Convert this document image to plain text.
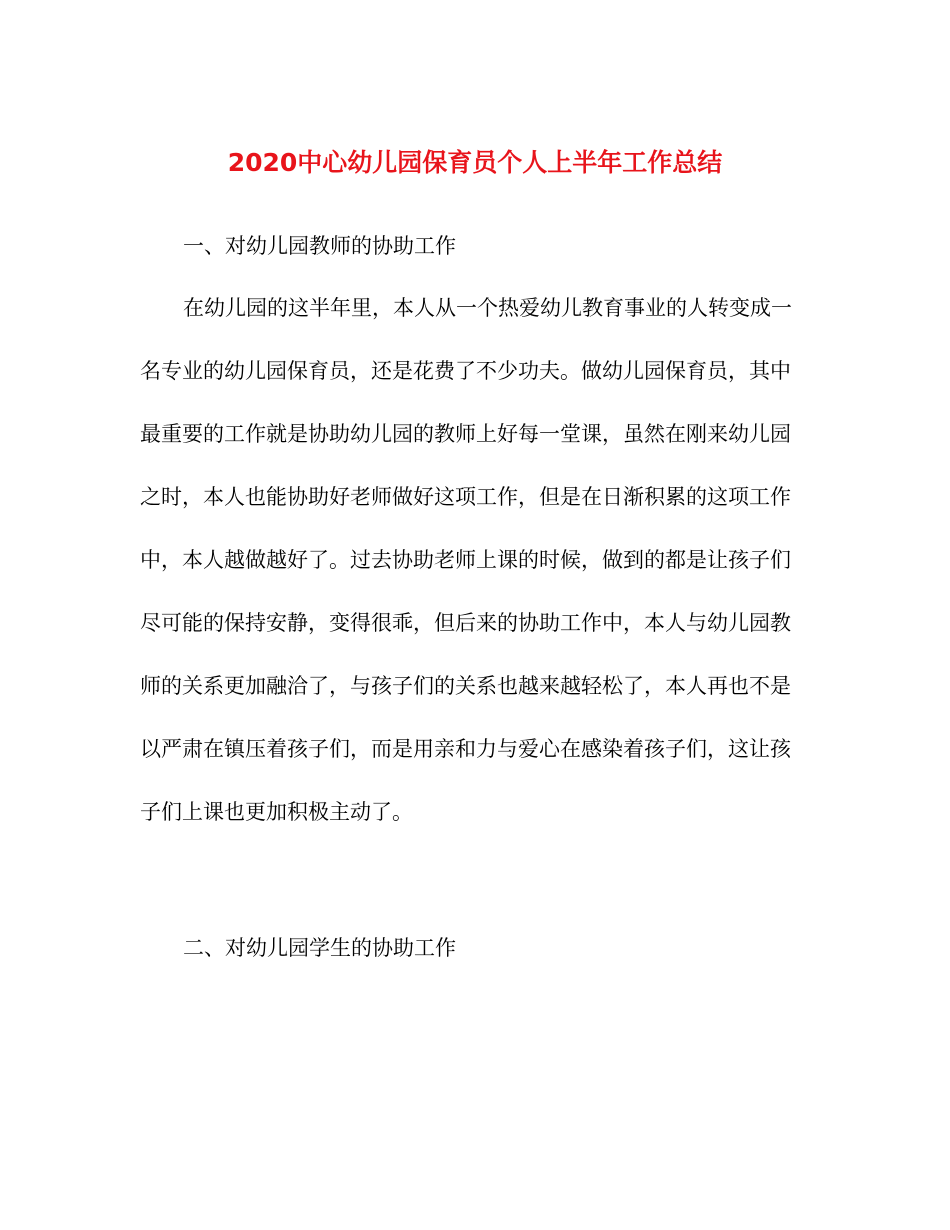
2020中心幼儿园保育员个人上半年工作总结
一、对幼儿园教师的协助工作
在幼儿园的这半年里，本人从一个热爱幼儿教育事业的人转变成一
名专业的幼儿园保育员，还是花费了不少功夫。做幼儿园保育员，其中
最重要的工作就是协助幼儿园的教师上好每一堂课，虽然在刚来幼儿园
之时，本人也能协助好老师做好这项工作，但是在日渐积累的这项工作
中，本人越做越好了。过去协助老师上课的时候，做到的都是让孩子们
尽可能的保持安静，变得很乖，但后来的协助工作中，本人与幼儿园教
师的关系更加融洽了，与孩子们的关系也越来越轻松了，本人再也不是
以严肃在镇压着孩子们，而是用亲和力与爱心在感染着孩子们，这让孩
子们上课也更加积极主动了。
二、对幼儿园学生的协助工作
